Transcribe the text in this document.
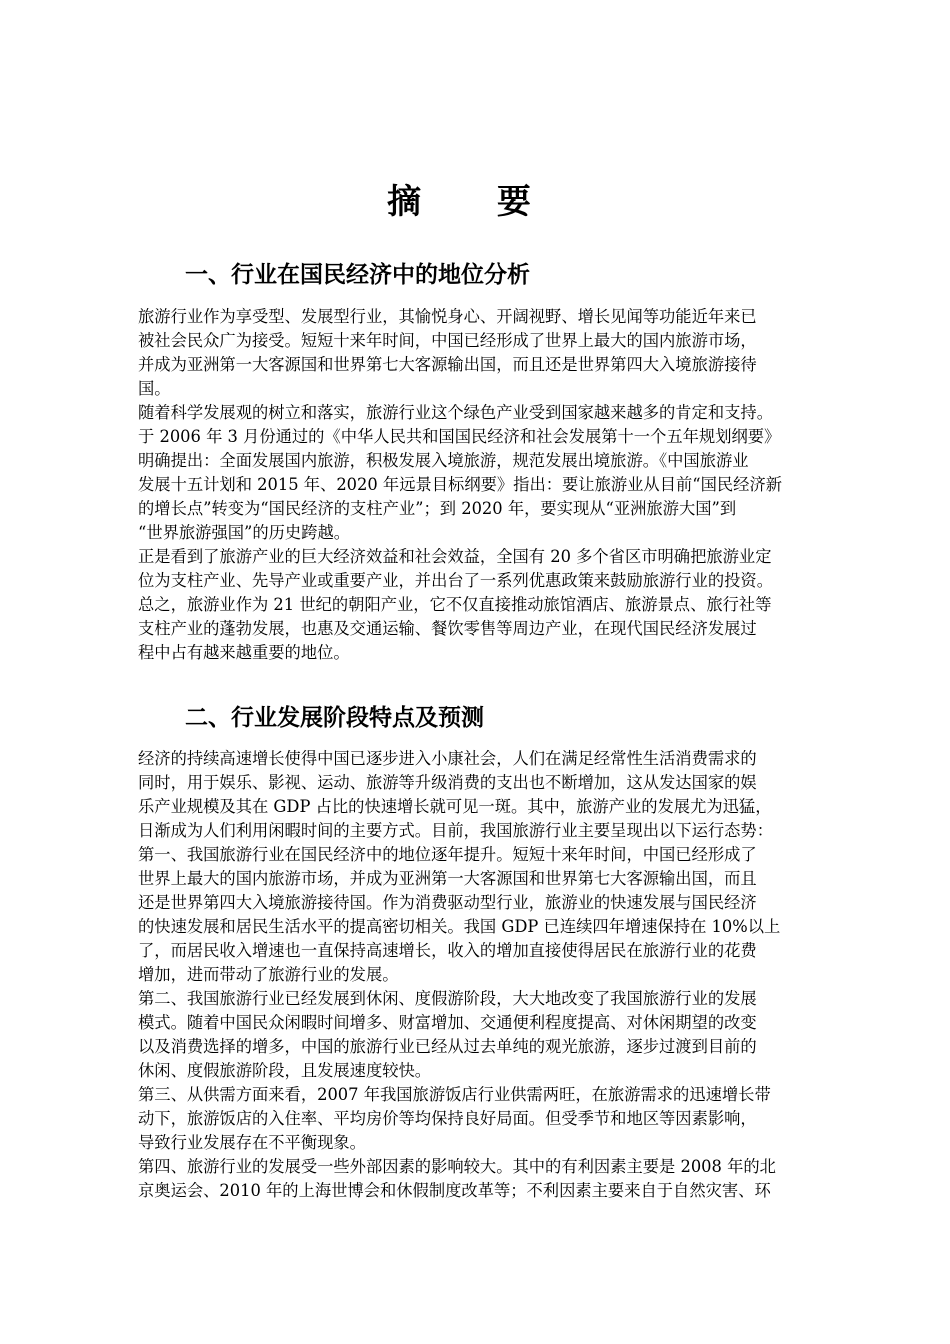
摘 要
一、行业在国民经济中的地位分析
旅游行业作为享受型、发展型行业，其愉悦身心、开阔视野、增长见闻等功能近年来已
被社会民众广为接受。短短十来年时间，中国已经形成了世界上最大的国内旅游市场，
并成为亚洲第一大客源国和世界第七大客源输出国，而且还是世界第四大入境旅游接待
国。
随着科学发展观的树立和落实，旅游行业这个绿色产业受到国家越来越多的肯定和支持。
于 2006 年 3 月份通过的《中华人民共和国国民经济和社会发展第十一个五年规划纲要》
明确提出：全面发展国内旅游，积极发展入境旅游，规范发展出境旅游。《中国旅游业
发展十五计划和 2015 年、2020 年远景目标纲要》指出：要让旅游业从目前“国民经济新
的增长点”转变为“国民经济的支柱产业”；到 2020 年，要实现从“亚洲旅游大国”到
“世界旅游强国”的历史跨越。
正是看到了旅游产业的巨大经济效益和社会效益，全国有 20 多个省区市明确把旅游业定
位为支柱产业、先导产业或重要产业，并出台了一系列优惠政策来鼓励旅游行业的投资。
总之，旅游业作为 21 世纪的朝阳产业，它不仅直接推动旅馆酒店、旅游景点、旅行社等
支柱产业的蓬勃发展，也惠及交通运输、餐饮零售等周边产业，在现代国民经济发展过
程中占有越来越重要的地位。
二、行业发展阶段特点及预测
经济的持续高速增长使得中国已逐步进入小康社会，人们在满足经常性生活消费需求的
同时，用于娱乐、影视、运动、旅游等升级消费的支出也不断增加，这从发达国家的娱
乐产业规模及其在 GDP 占比的快速增长就可见一斑。其中，旅游产业的发展尤为迅猛，
日渐成为人们利用闲暇时间的主要方式。目前，我国旅游行业主要呈现出以下运行态势：
第一、我国旅游行业在国民经济中的地位逐年提升。短短十来年时间，中国已经形成了
世界上最大的国内旅游市场，并成为亚洲第一大客源国和世界第七大客源输出国，而且
还是世界第四大入境旅游接待国。作为消费驱动型行业，旅游业的快速发展与国民经济
的快速发展和居民生活水平的提高密切相关。我国 GDP 已连续四年增速保持在 10%以上
了，而居民收入增速也一直保持高速增长，收入的增加直接使得居民在旅游行业的花费
增加，进而带动了旅游行业的发展。
第二、我国旅游行业已经发展到休闲、度假游阶段，大大地改变了我国旅游行业的发展
模式。随着中国民众闲暇时间增多、财富增加、交通便利程度提高、对休闲期望的改变
以及消费选择的增多，中国的旅游行业已经从过去单纯的观光旅游，逐步过渡到目前的
休闲、度假旅游阶段，且发展速度较快。
第三、从供需方面来看，2007 年我国旅游饭店行业供需两旺，在旅游需求的迅速增长带
动下，旅游饭店的入住率、平均房价等均保持良好局面。但受季节和地区等因素影响，
导致行业发展存在不平衡现象。
第四、旅游行业的发展受一些外部因素的影响较大。其中的有利因素主要是 2008 年的北
京奥运会、2010 年的上海世博会和休假制度改革等；不利因素主要来自于自然灾害、环
